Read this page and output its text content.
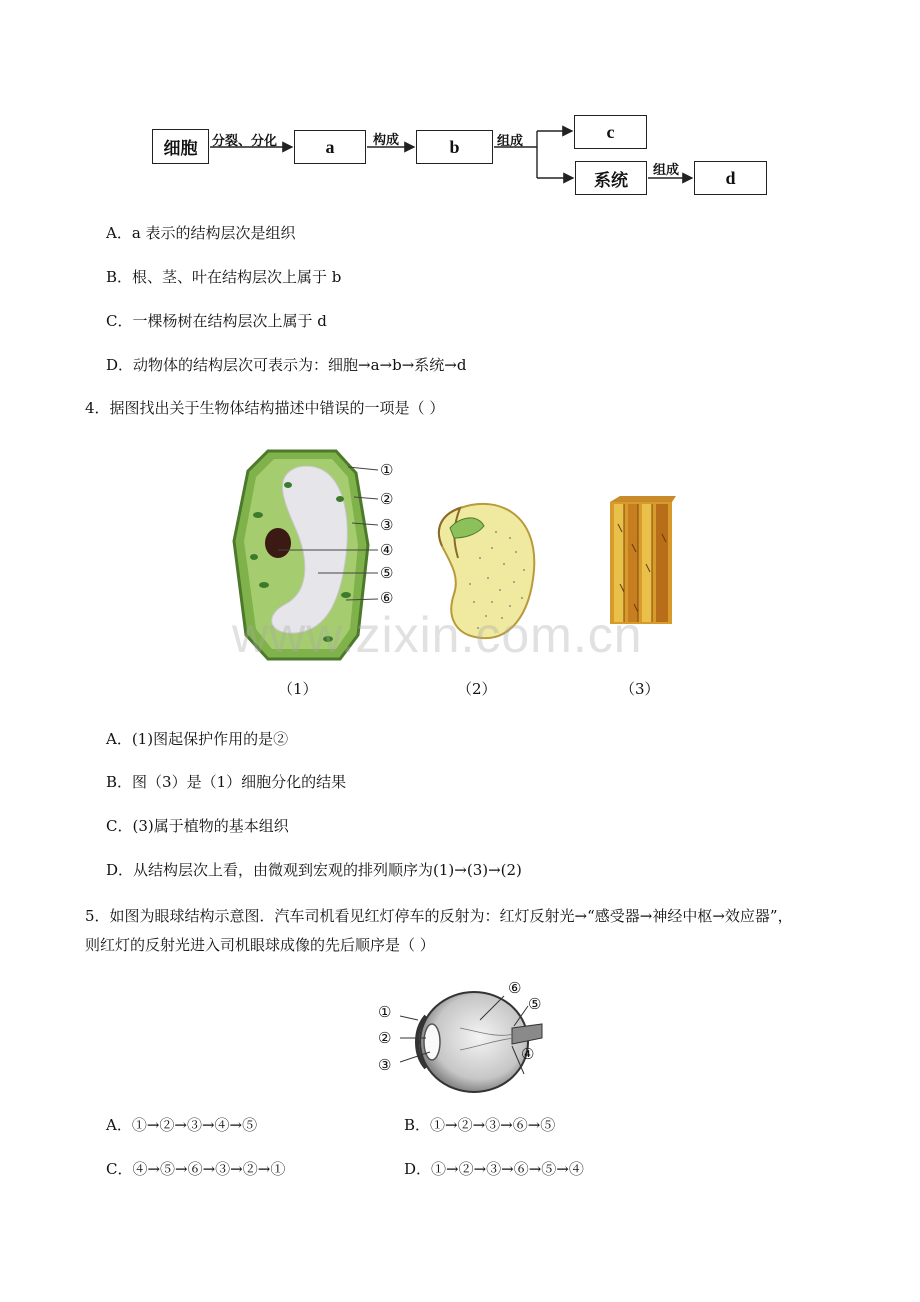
细胞	a	b
c
系统	d
分裂、分化	构成	组成
组成
A．a 表示的结构层次是组织
B．根、茎、叶在结构层次上属于 b
C．一棵杨树在结构层次上属于 d
D．动物体的结构层次可表示为：细胞→a→b→系统→d
4．据图找出关于生物体结构描述中错误的一项是（ ）
①
②
③
④
⑤
⑥
www.zixin.com.cn
（1）	（2）	（3）
A．(1)图起保护作用的是②
B．图（3）是（1）细胞分化的结果
C．(3)属于植物的基本组织
D．从结构层次上看，由微观到宏观的排列顺序为(1)→(3)→(2)
5．如图为眼球结构示意图．汽车司机看见红灯停车的反射为：红灯反射光→“感受器→神经中枢→效应器”，
则红灯的反射光进入司机眼球成像的先后顺序是（ ）
①
②
③
④
⑤
⑥
A．①→②→③→④→⑤	B．①→②→③→⑥→⑤
C．④→⑤→⑥→③→②→①	D．①→②→③→⑥→⑤→④
